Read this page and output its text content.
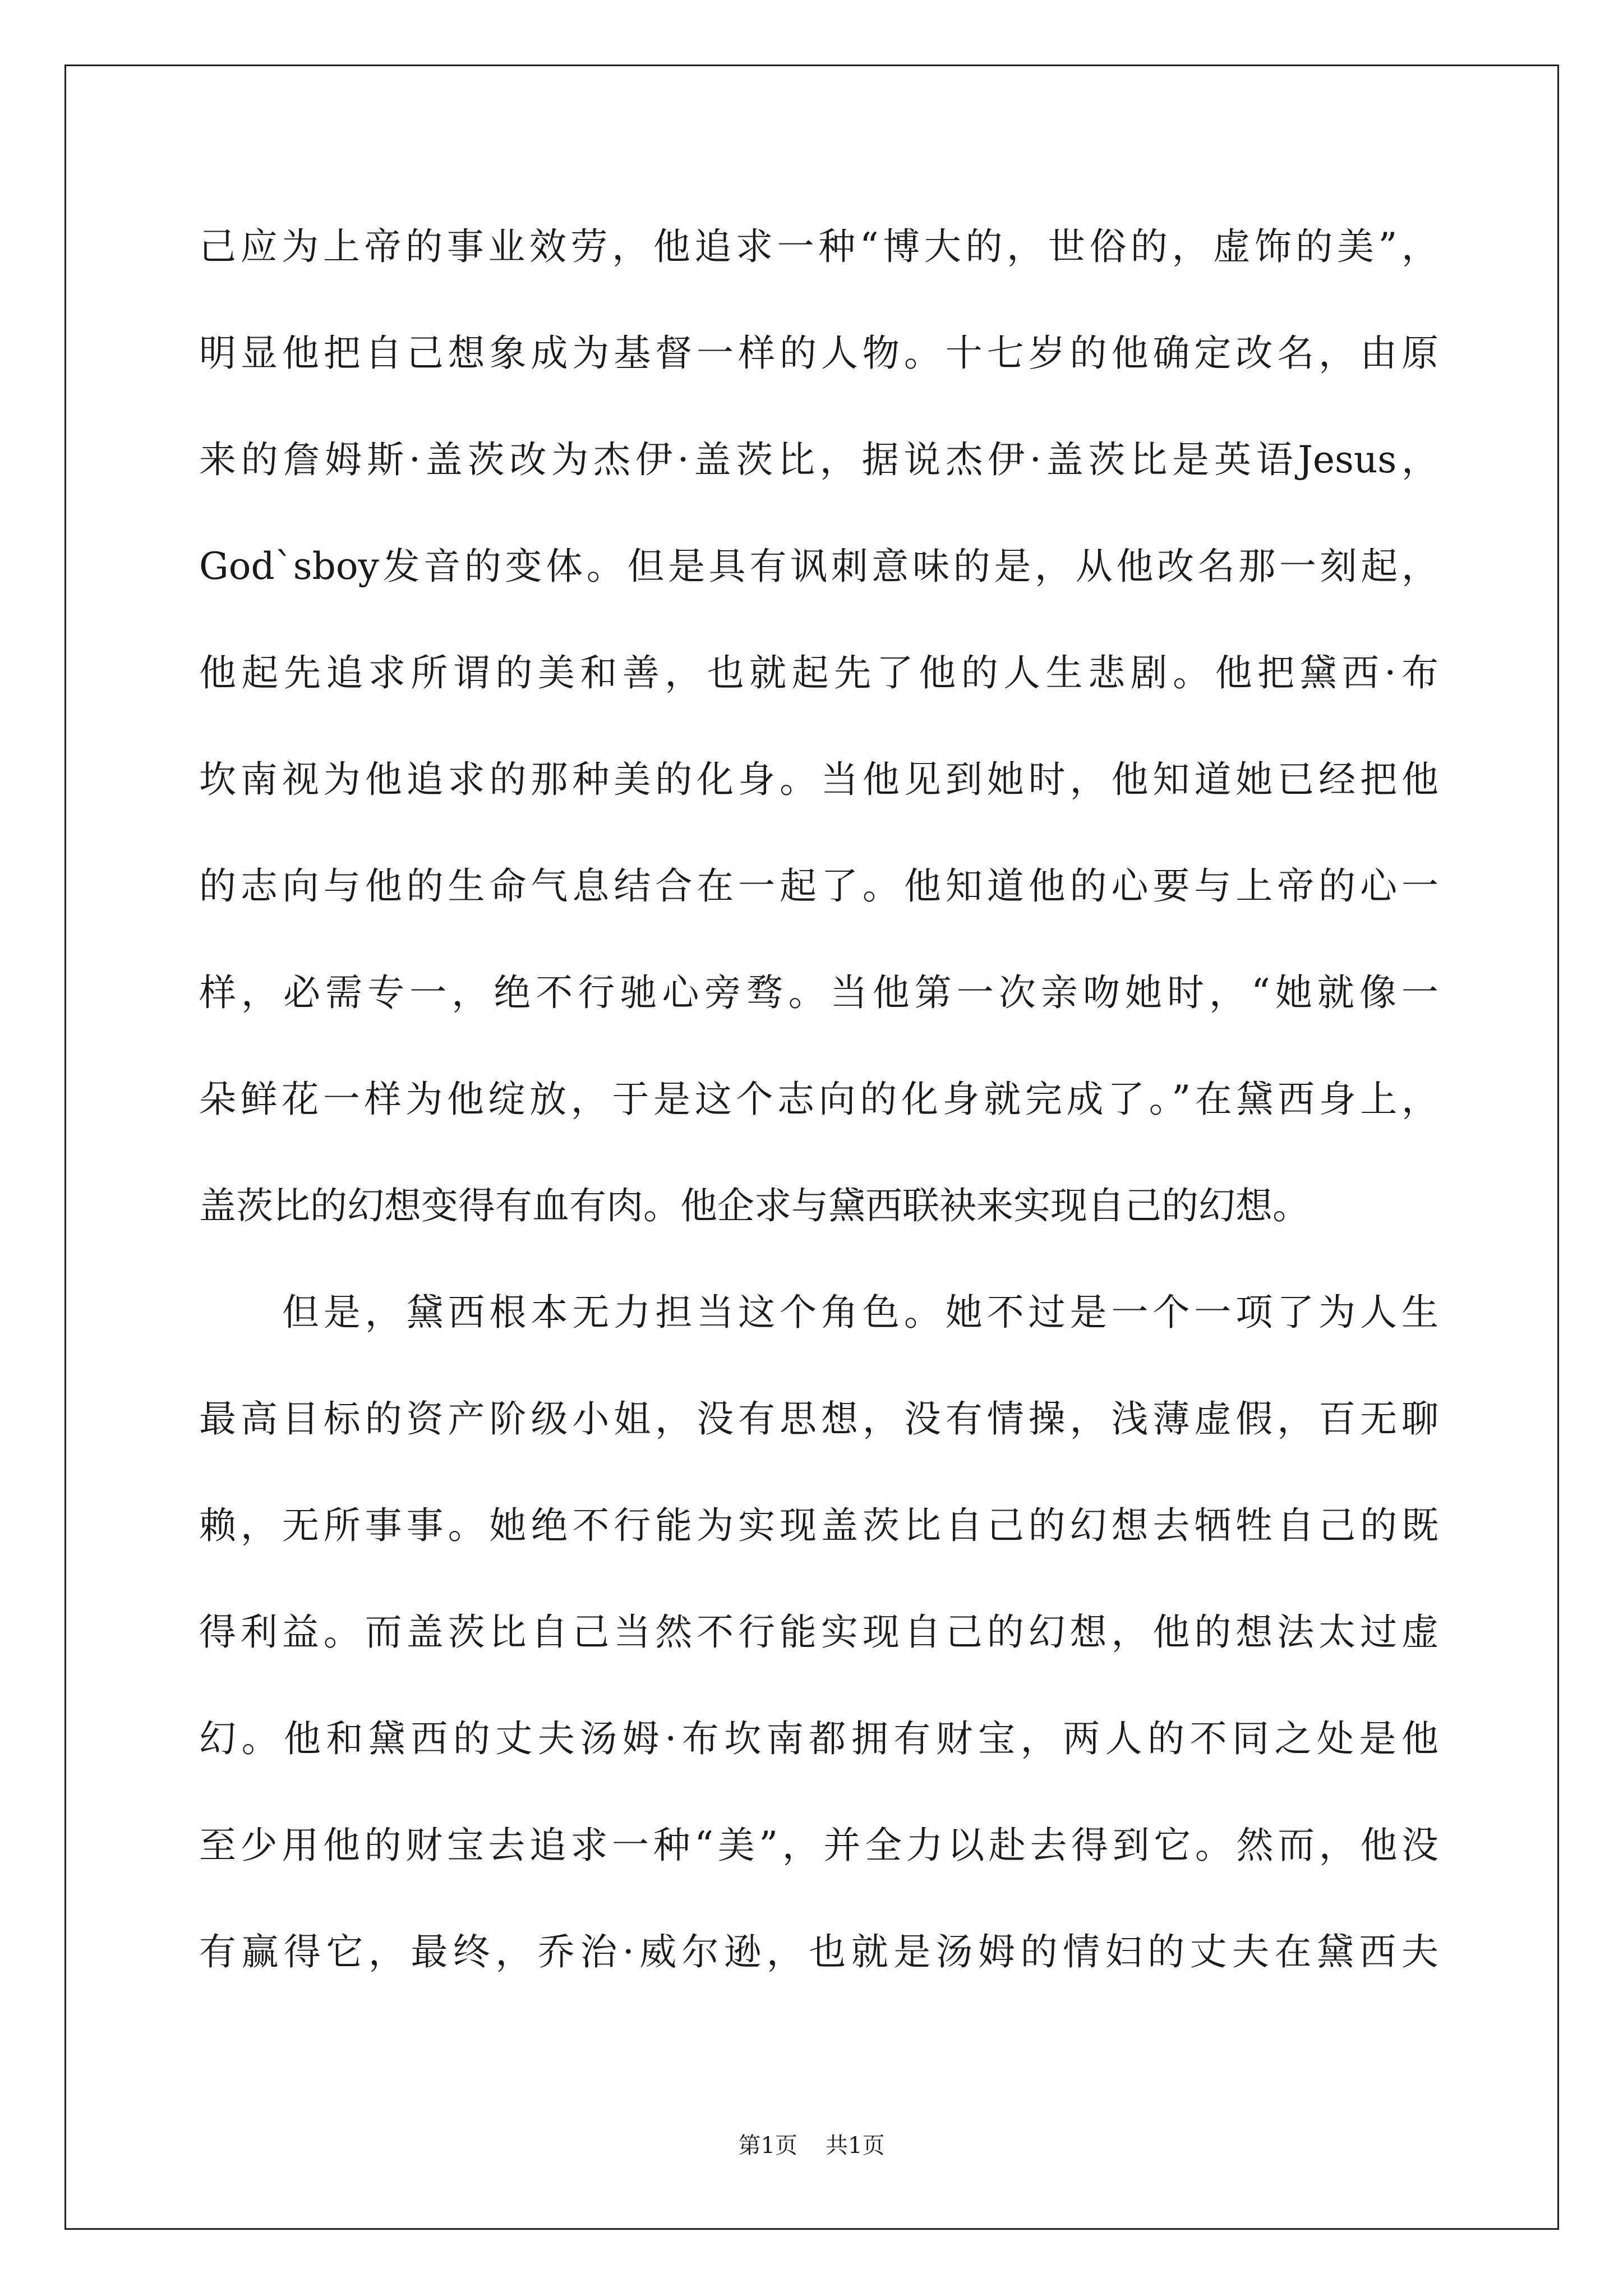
己应为上帝的事业效劳，他追求一种“博大的，世俗的，虚饰的美”，
明显他把自己想象成为基督一样的人物。十七岁的他确定改名，由原
来的詹姆斯·盖茨改为杰伊·盖茨比，据说杰伊·盖茨比是英语Jesus，
God`sboy发音的变体。但是具有讽刺意味的是，从他改名那一刻起，
他起先追求所谓的美和善，也就起先了他的人生悲剧。他把黛西·布
坎南视为他追求的那种美的化身。当他见到她时，他知道她已经把他
的志向与他的生命气息结合在一起了。他知道他的心要与上帝的心一
样，必需专一，绝不行驰心旁骛。当他第一次亲吻她时，“她就像一
朵鲜花一样为他绽放，于是这个志向的化身就完成了。”在黛西身上，
盖茨比的幻想变得有血有肉。他企求与黛西联袂来实现自己的幻想。
　　但是，黛西根本无力担当这个角色。她不过是一个一项了为人生
最高目标的资产阶级小姐，没有思想，没有情操，浅薄虚假，百无聊
赖，无所事事。她绝不行能为实现盖茨比自己的幻想去牺牲自己的既
得利益。而盖茨比自己当然不行能实现自己的幻想，他的想法太过虚
幻。他和黛西的丈夫汤姆·布坎南都拥有财宝，两人的不同之处是他
至少用他的财宝去追求一种“美”，并全力以赴去得到它。然而，他没
有赢得它，最终，乔治·威尔逊，也就是汤姆的情妇的丈夫在黛西夫
第1页 共1页
